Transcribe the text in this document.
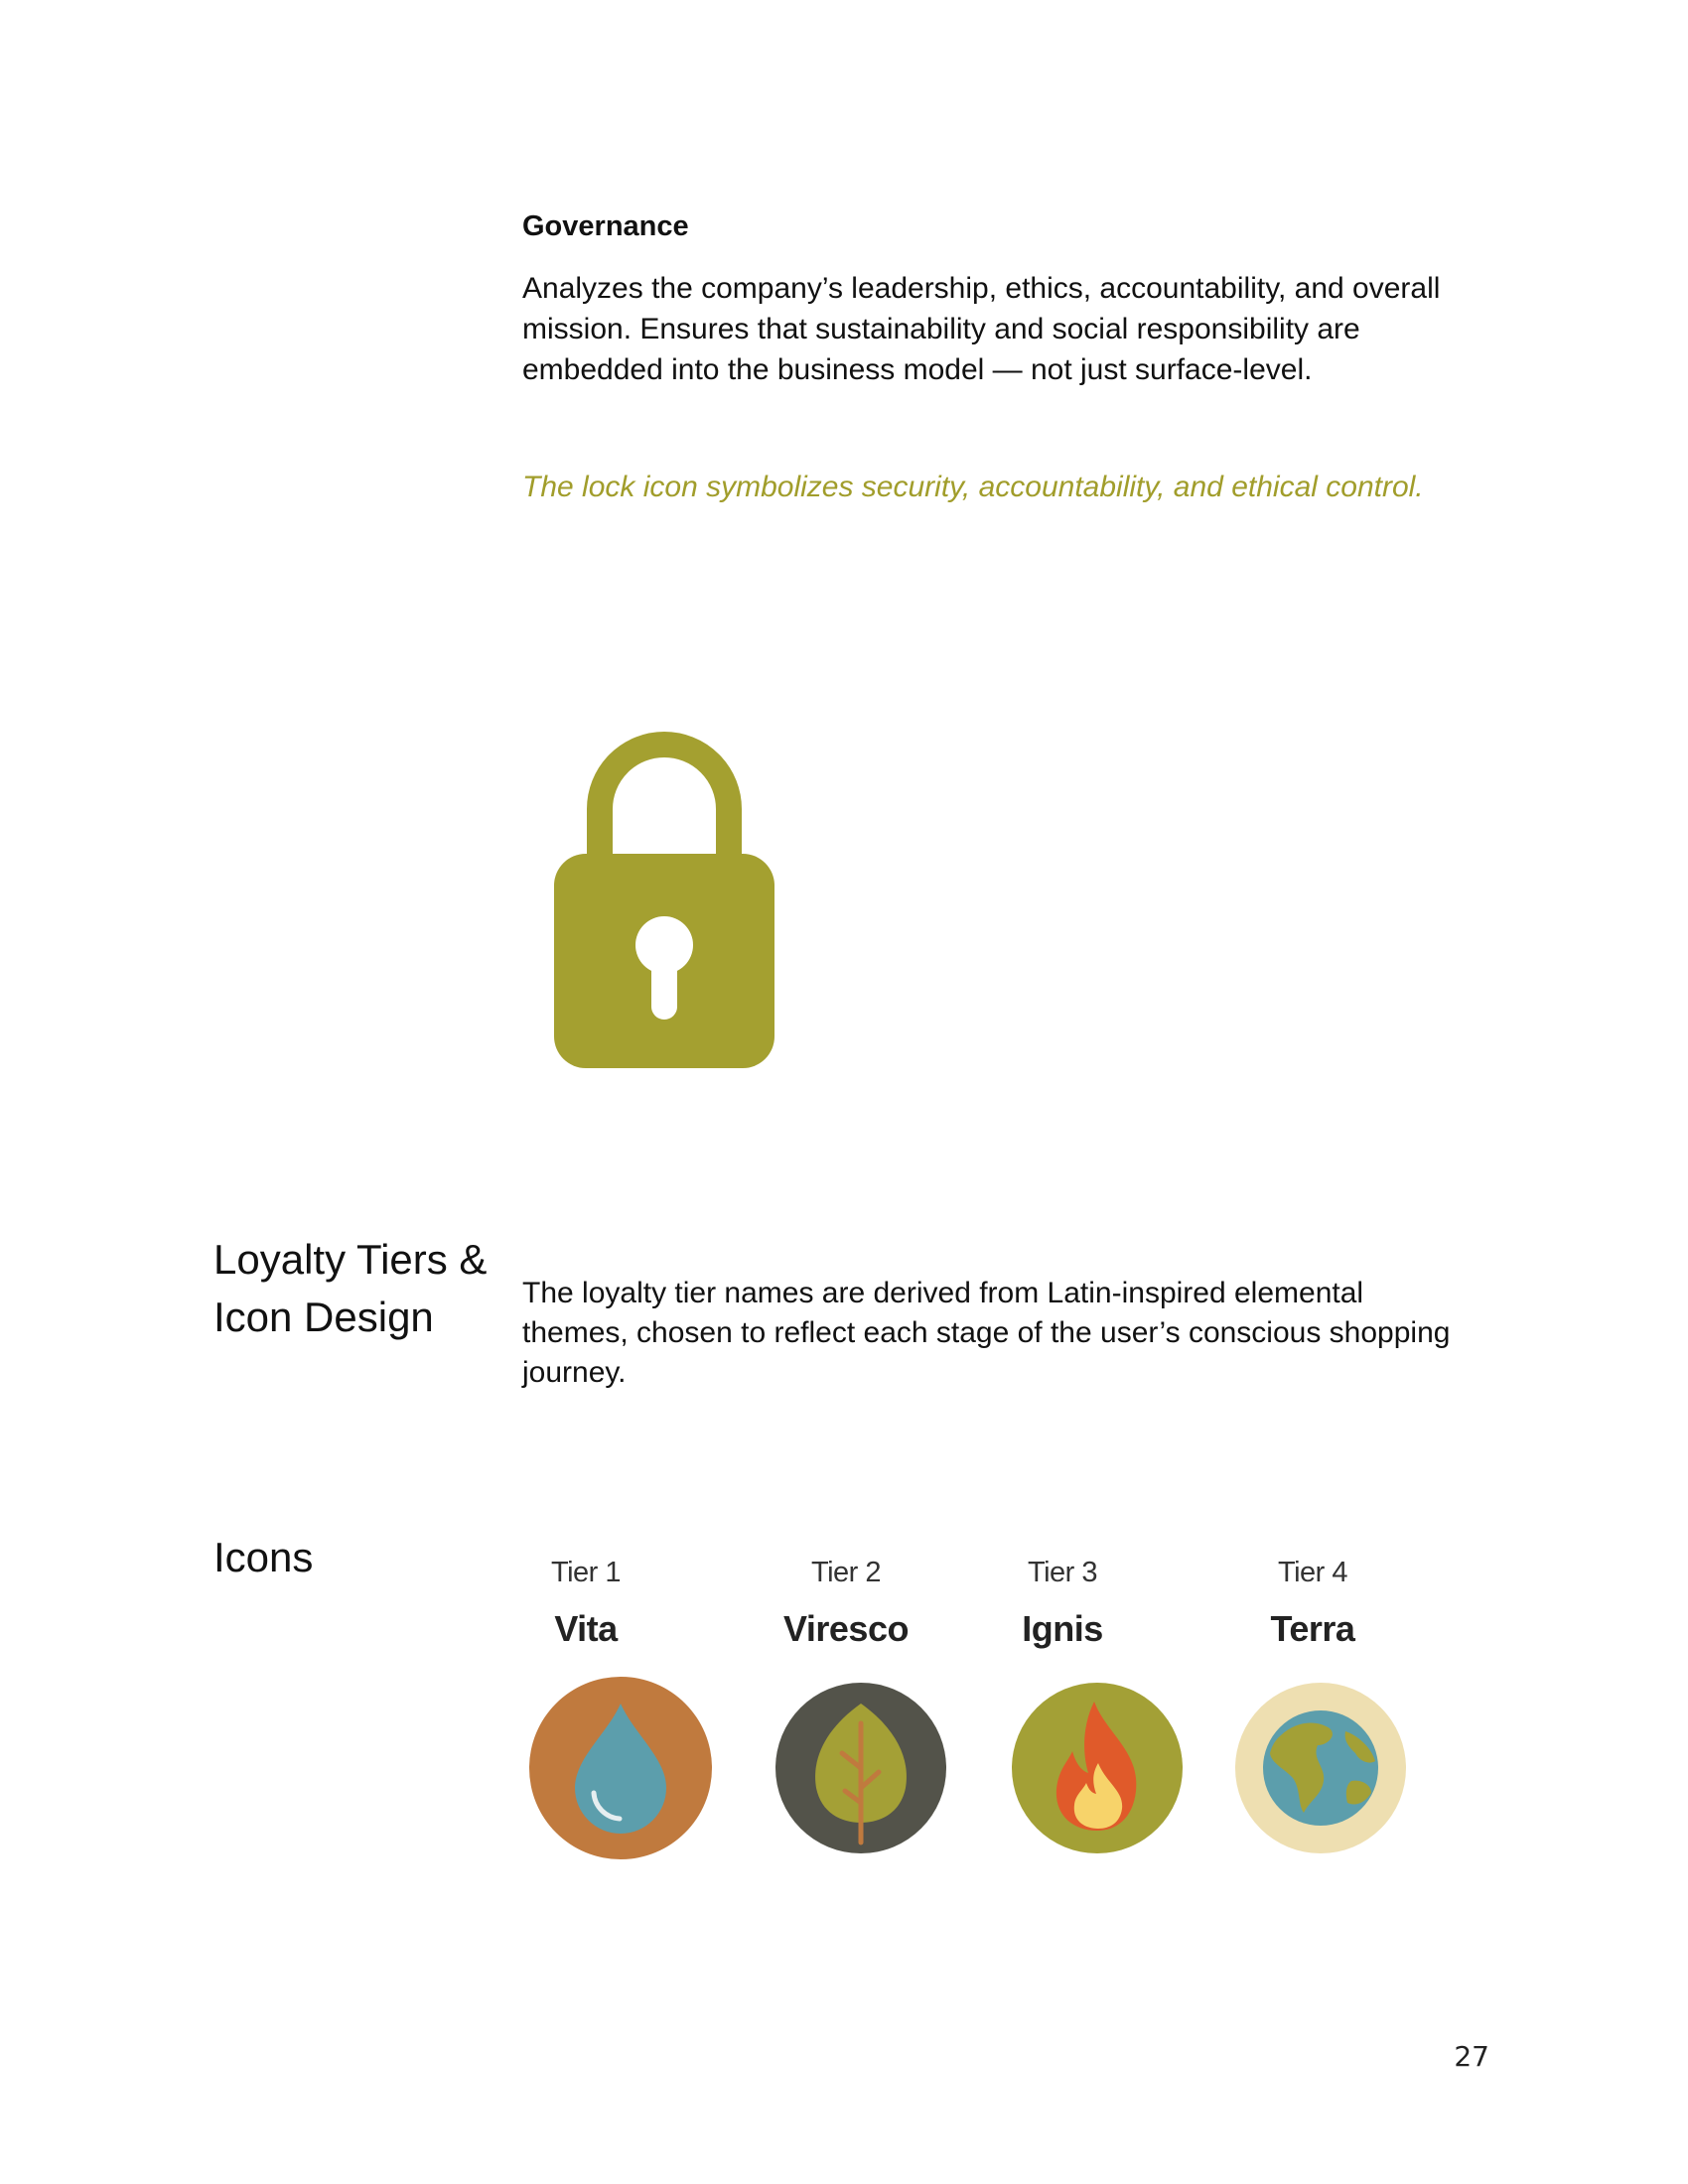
Governance
Analyzes the company’s leadership, ethics, accountability, and overall mission. Ensures that sustainability and social responsibility are embedded into the business model — not just surface-level.
The lock icon symbolizes security, accountability, and ethical control.
Loyalty Tiers & Icon Design
The loyalty tier names are derived from Latin-inspired elemental themes, chosen to reflect each stage of the user’s conscious shopping journey.
Icons	Tier 1
Vita
Tier 2
Viresco
Tier 3
Ignis
Tier 4
Terra
27
